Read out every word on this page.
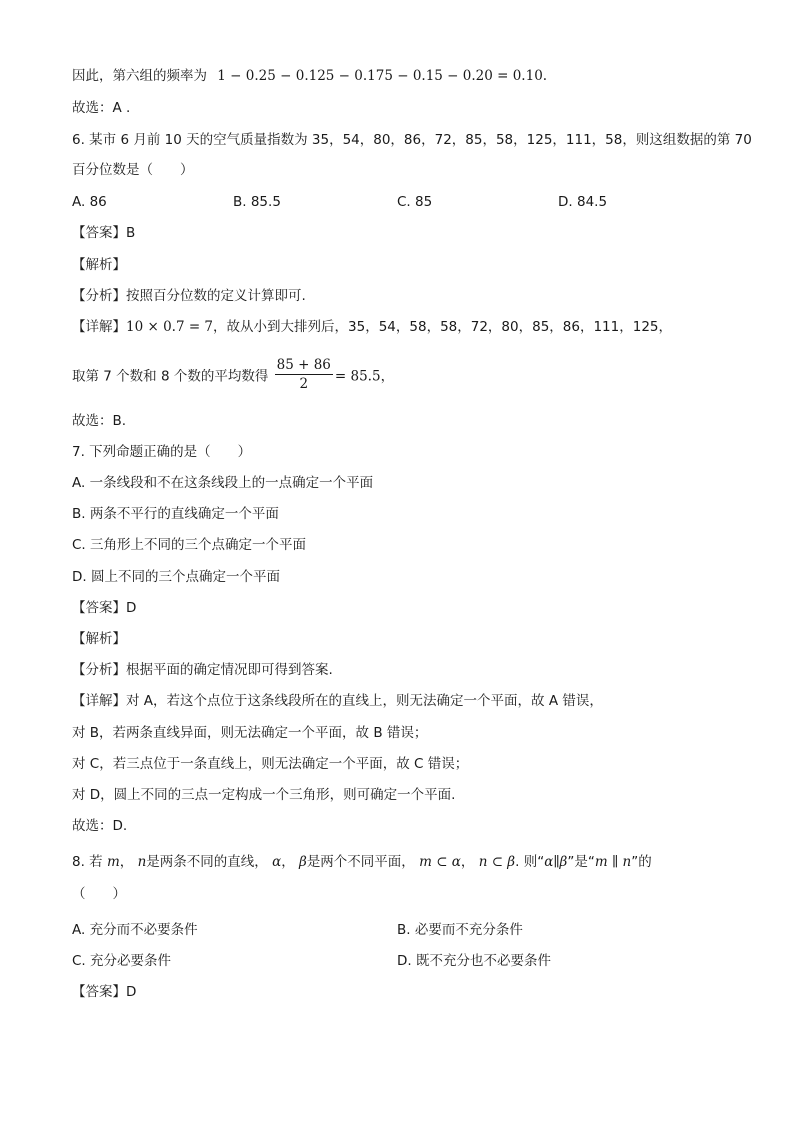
因此，第六组的频率为 1 − 0.25 − 0.125 − 0.175 − 0.15 − 0.20 = 0.10.
故选：A .
6. 某市 6 月前 10 天的空气质量指数为 35，54，80，86，72，85，58，125，111，58，则这组数据的第 70
百分位数是（　　）
A. 86	B. 85.5	C. 85	D. 84.5
【答案】B
【解析】
【分析】按照百分位数的定义计算即可.
【详解】10 × 0.7 = 7，故从小到大排列后，35，54，58，58，72，80，85，86，111，125，
取第 7 个数和 8 个数的平均数得 $\frac{85 + 86}{2} = 85.5$，
故选：B.
7. 下列命题正确的是（　　）
A. 一条线段和不在这条线段上的一点确定一个平面
B. 两条不平行的直线确定一个平面
C. 三角形上不同的三个点确定一个平面
D. 圆上不同的三个点确定一个平面
【答案】D
【解析】
【分析】根据平面的确定情况即可得到答案.
【详解】对 A，若这个点位于这条线段所在的直线上，则无法确定一个平面，故 A 错误，
对 B，若两条直线异面，则无法确定一个平面，故 B 错误；
对 C，若三点位于一条直线上，则无法确定一个平面，故 C 错误；
对 D，圆上不同的三点一定构成一个三角形，则可确定一个平面.
故选：D.
8. 若 m， n是两条不同的直线， α， β是两个不同平面， m ⊂ α， n ⊂ β. 则“α∥β”是“m ∥ n”的
（　　）
A. 充分而不必要条件	B. 必要而不充分条件
C. 充分必要条件	D. 既不充分也不必要条件
【答案】D
